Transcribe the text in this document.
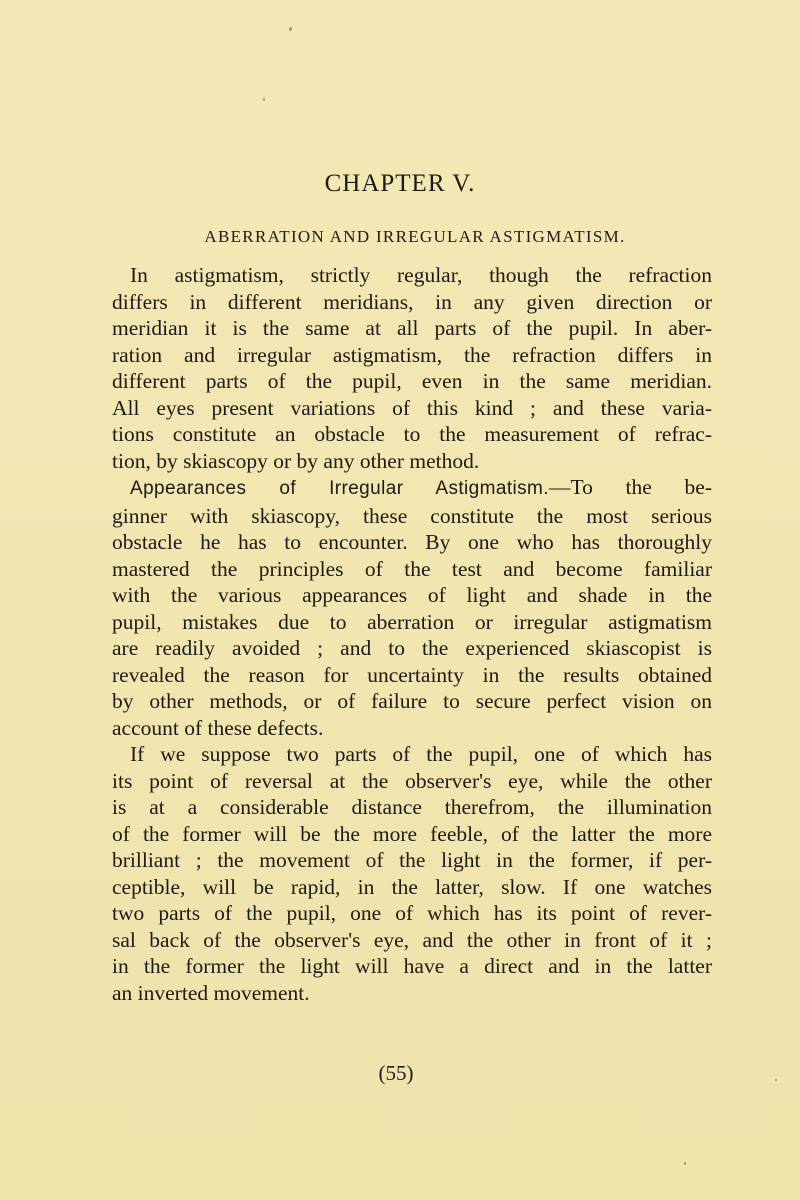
CHAPTER V.
ABERRATION AND IRREGULAR ASTIGMATISM.
In astigmatism, strictly regular, though the refraction
differs in different meridians, in any given direction or
meridian it is the same at all parts of the pupil. In aber-
ration and irregular astigmatism, the refraction differs in
different parts of the pupil, even in the same meridian.
All eyes present variations of this kind ; and these varia-
tions constitute an obstacle to the measurement of refrac-
tion, by skiascopy or by any other method.
Appearances of Irregular Astigmatism.—To the be-
ginner with skiascopy, these constitute the most serious
obstacle he has to encounter. By one who has thoroughly
mastered the principles of the test and become familiar
with the various appearances of light and shade in the
pupil, mistakes due to aberration or irregular astigmatism
are readily avoided ; and to the experienced skiascopist is
revealed the reason for uncertainty in the results obtained
by other methods, or of failure to secure perfect vision on
account of these defects.
If we suppose two parts of the pupil, one of which has
its point of reversal at the observer's eye, while the other
is at a considerable distance therefrom, the illumination
of the former will be the more feeble, of the latter the more
brilliant ; the movement of the light in the former, if per-
ceptible, will be rapid, in the latter, slow. If one watches
two parts of the pupil, one of which has its point of rever-
sal back of the observer's eye, and the other in front of it ;
in the former the light will have a direct and in the latter
an inverted movement.
(55)
